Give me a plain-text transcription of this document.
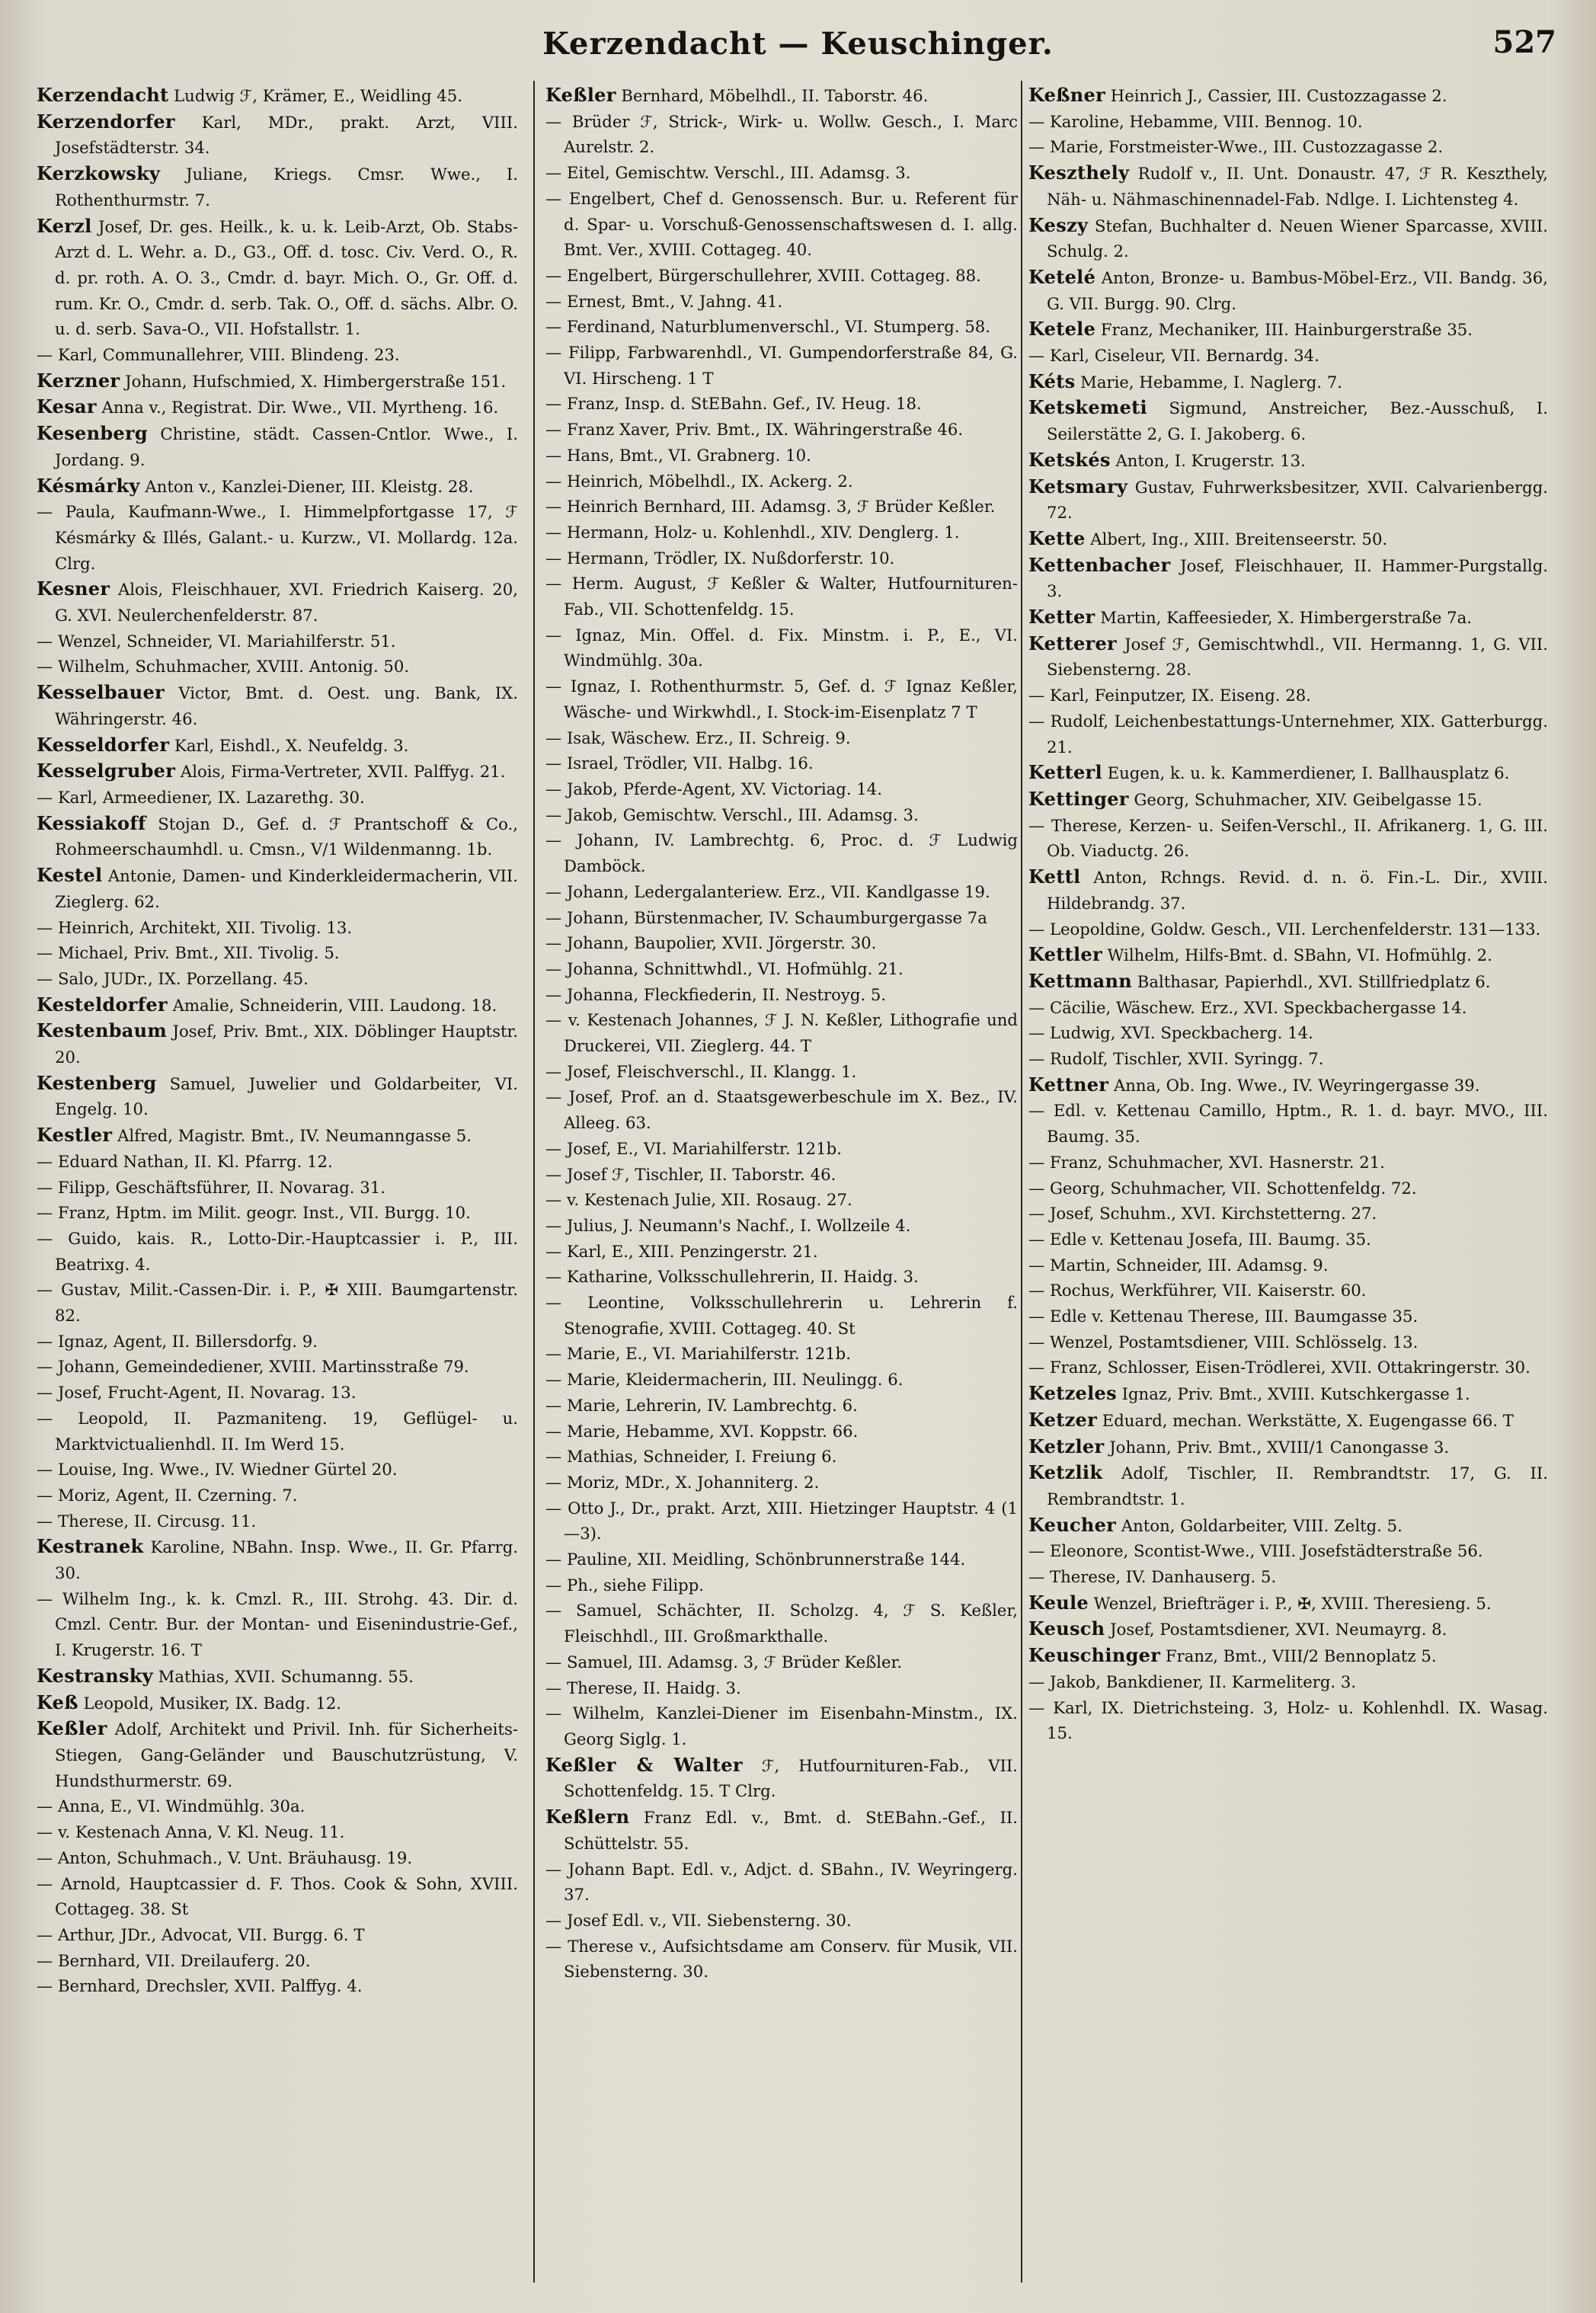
Kerzendacht — Keuschinger.	527

Kerzendacht Ludwig ℱ, Krämer, E., Weidling 45.

Kerzendorfer Karl, MDr., prakt. Arzt, VIII. Josefstädterstr. 34.

Kerzkowsky Juliane, Kriegs. Cmsr. Wwe., I. Rothenthurmstr. 7.

Kerzl Josef, Dr. ges. Heilk., k. u. k. Leib-Arzt, Ob. Stabs-Arzt d. L. Wehr. a. D., G3., Off. d. tosc. Civ. Verd. O., R. d. pr. roth. A. O. 3., Cmdr. d. bayr. Mich. O., Gr. Off. d. rum. Kr. O., Cmdr. d. serb. Tak. O., Off. d. sächs. Albr. O. u. d. serb. Sava-O., VII. Hofstallstr. 1.

— Karl, Communallehrer, VIII. Blindeng. 23.

Kerzner Johann, Hufschmied, X. Himbergerstraße 151.

Kesar Anna v., Registrat. Dir. Wwe., VII. Myrtheng. 16.

Kesenberg Christine, städt. Cassen-Cntlor. Wwe., I. Jordang. 9.

Késmárky Anton v., Kanzlei-Diener, III. Kleistg. 28.

— Paula, Kaufmann-Wwe., I. Himmelpfortgasse 17, ℱ Késmárky & Illés, Galant.- u. Kurzw., VI. Mollardg. 12a. Clrg.

Kesner Alois, Fleischhauer, XVI. Friedrich Kaiserg. 20, G. XVI. Neulerchenfelderstr. 87.

— Wenzel, Schneider, VI. Mariahilferstr. 51.

— Wilhelm, Schuhmacher, XVIII. Antonig. 50.

Kesselbauer Victor, Bmt. d. Oest. ung. Bank, IX. Währingerstr. 46.

Kesseldorfer Karl, Eishdl., X. Neufeldg. 3.

Kesselgruber Alois, Firma-Vertreter, XVII. Palffyg. 21.

— Karl, Armeediener, IX. Lazarethg. 30.

Kessiakoff Stojan D., Gef. d. ℱ Prantschoff & Co., Rohmeerschaumhdl. u. Cmsn., V/1 Wildenmanng. 1b.

Kestel Antonie, Damen- und Kinderkleidermacherin, VII. Zieglerg. 62.

— Heinrich, Architekt, XII. Tivolig. 13.

— Michael, Priv. Bmt., XII. Tivolig. 5.

— Salo, JUDr., IX. Porzellang. 45.

Kesteldorfer Amalie, Schneiderin, VIII. Laudong. 18.

Kestenbaum Josef, Priv. Bmt., XIX. Döblinger Hauptstr. 20.

Kestenberg Samuel, Juwelier und Goldarbeiter, VI. Engelg. 10.

Kestler Alfred, Magistr. Bmt., IV. Neumanngasse 5.

— Eduard Nathan, II. Kl. Pfarrg. 12.

— Filipp, Geschäftsführer, II. Novarag. 31.

— Franz, Hptm. im Milit. geogr. Inst., VII. Burgg. 10.

— Guido, kais. R., Lotto-Dir.-Hauptcassier i. P., III. Beatrixg. 4.

— Gustav, Milit.-Cassen-Dir. i. P., ✠ XIII. Baumgartenstr. 82.

— Ignaz, Agent, II. Billersdorfg. 9.

— Johann, Gemeindediener, XVIII. Martinsstraße 79.

— Josef, Frucht-Agent, II. Novarag. 13.

— Leopold, II. Pazmaniteng. 19, Geflügel- u. Marktvictualienhdl. II. Im Werd 15.

— Louise, Ing. Wwe., IV. Wiedner Gürtel 20.

— Moriz, Agent, II. Czerning. 7.

— Therese, II. Circusg. 11.

Kestranek Karoline, NBahn. Insp. Wwe., II. Gr. Pfarrg. 30.

— Wilhelm Ing., k. k. Cmzl. R., III. Strohg. 43. Dir. d. Cmzl. Centr. Bur. der Montan- und Eisenindustrie-Gef., I. Krugerstr. 16. T

Kestransky Mathias, XVII. Schumanng. 55.

Keß Leopold, Musiker, IX. Badg. 12.

Keßler Adolf, Architekt und Privil. Inh. für Sicherheits-Stiegen, Gang-Geländer und Bauschutzrüstung, V. Hundsthurmerstr. 69.

— Anna, E., VI. Windmühlg. 30a.

— v. Kestenach Anna, V. Kl. Neug. 11.

— Anton, Schuhmach., V. Unt. Bräuhausg. 19.

— Arnold, Hauptcassier d. F. Thos. Cook & Sohn, XVIII. Cottageg. 38. St

— Arthur, JDr., Advocat, VII. Burgg. 6. T

— Bernhard, VII. Dreilauferg. 20.

— Bernhard, Drechsler, XVII. Palffyg. 4.

Keßler Bernhard, Möbelhdl., II. Taborstr. 46.

— Brüder ℱ, Strick-, Wirk- u. Wollw. Gesch., I. Marc Aurelstr. 2.

— Eitel, Gemischtw. Verschl., III. Adamsg. 3.

— Engelbert, Chef d. Genossensch. Bur. u. Referent für d. Spar- u. Vorschuß-Genossenschaftswesen d. I. allg. Bmt. Ver., XVIII. Cottageg. 40.

— Engelbert, Bürgerschullehrer, XVIII. Cottageg. 88.

— Ernest, Bmt., V. Jahng. 41.

— Ferdinand, Naturblumenverschl., VI. Stumperg. 58.

— Filipp, Farbwarenhdl., VI. Gumpendorferstraße 84, G. VI. Hirscheng. 1 T

— Franz, Insp. d. StEBahn. Gef., IV. Heug. 18.

— Franz Xaver, Priv. Bmt., IX. Währingerstraße 46.

— Hans, Bmt., VI. Grabnerg. 10.

— Heinrich, Möbelhdl., IX. Ackerg. 2.

— Heinrich Bernhard, III. Adamsg. 3, ℱ Brüder Keßler.

— Hermann, Holz- u. Kohlenhdl., XIV. Denglerg. 1.

— Hermann, Trödler, IX. Nußdorferstr. 10.

— Herm. August, ℱ Keßler & Walter, Hutfournituren-Fab., VII. Schottenfeldg. 15.

— Ignaz, Min. Offel. d. Fix. Minstm. i. P., E., VI. Windmühlg. 30a.

— Ignaz, I. Rothenthurmstr. 5, Gef. d. ℱ Ignaz Keßler, Wäsche- und Wirkwhdl., I. Stock-im-Eisenplatz 7 T

— Isak, Wäschew. Erz., II. Schreig. 9.

— Israel, Trödler, VII. Halbg. 16.

— Jakob, Pferde-Agent, XV. Victoriag. 14.

— Jakob, Gemischtw. Verschl., III. Adamsg. 3.

— Johann, IV. Lambrechtg. 6, Proc. d. ℱ Ludwig Damböck.

— Johann, Ledergalanteriew. Erz., VII. Kandlgasse 19.

— Johann, Bürstenmacher, IV. Schaumburgergasse 7a

— Johann, Baupolier, XVII. Jörgerstr. 30.

— Johanna, Schnittwhdl., VI. Hofmühlg. 21.

— Johanna, Fleckfiederin, II. Nestroyg. 5.

— v. Kestenach Johannes, ℱ J. N. Keßler, Lithografie und Druckerei, VII. Zieglerg. 44. T

— Josef, Fleischverschl., II. Klangg. 1.

— Josef, Prof. an d. Staatsgewerbeschule im X. Bez., IV. Alleeg. 63.

— Josef, E., VI. Mariahilferstr. 121b.

— Josef ℱ, Tischler, II. Taborstr. 46.

— v. Kestenach Julie, XII. Rosaug. 27.

— Julius, J. Neumann's Nachf., I. Wollzeile 4.

— Karl, E., XIII. Penzingerstr. 21.

— Katharine, Volksschullehrerin, II. Haidg. 3.

— Leontine, Volksschullehrerin u. Lehrerin f. Stenografie, XVIII. Cottageg. 40. St

— Marie, E., VI. Mariahilferstr. 121b.

— Marie, Kleidermacherin, III. Neulingg. 6.

— Marie, Lehrerin, IV. Lambrechtg. 6.

— Marie, Hebamme, XVI. Koppstr. 66.

— Mathias, Schneider, I. Freiung 6.

— Moriz, MDr., X. Johanniterg. 2.

— Otto J., Dr., prakt. Arzt, XIII. Hietzinger Hauptstr. 4 (1—3).

— Pauline, XII. Meidling, Schönbrunnerstraße 144.

— Ph., siehe Filipp.

— Samuel, Schächter, II. Scholzg. 4, ℱ S. Keßler, Fleischhdl., III. Großmarkthalle.

— Samuel, III. Adamsg. 3, ℱ Brüder Keßler.

— Therese, II. Haidg. 3.

— Wilhelm, Kanzlei-Diener im Eisenbahn-Minstm., IX. Georg Siglg. 1.

Keßler & Walter ℱ, Hutfournituren-Fab., VII. Schottenfeldg. 15. T Clrg.

Keßlern Franz Edl. v., Bmt. d. StEBahn.-Gef., II. Schüttelstr. 55.

— Johann Bapt. Edl. v., Adjct. d. SBahn., IV. Weyringerg. 37.

— Josef Edl. v., VII. Siebensterng. 30.

— Therese v., Aufsichtsdame am Conserv. für Musik, VII. Siebensterng. 30.

Keßner Heinrich J., Cassier, III. Custozzagasse 2.

— Karoline, Hebamme, VIII. Bennog. 10.

— Marie, Forstmeister-Wwe., III. Custozzagasse 2.

Keszthely Rudolf v., II. Unt. Donaustr. 47, ℱ R. Keszthely, Näh- u. Nähmaschinennadel-Fab. Ndlge. I. Lichtensteg 4.

Keszy Stefan, Buchhalter d. Neuen Wiener Sparcasse, XVIII. Schulg. 2.

Ketelé Anton, Bronze- u. Bambus-Möbel-Erz., VII. Bandg. 36, G. VII. Burgg. 90. Clrg.

Ketele Franz, Mechaniker, III. Hainburgerstraße 35.

— Karl, Ciseleur, VII. Bernardg. 34.

Kéts Marie, Hebamme, I. Naglerg. 7.

Ketskemeti Sigmund, Anstreicher, Bez.-Ausschuß, I. Seilerstätte 2, G. I. Jakoberg. 6.

Ketskés Anton, I. Krugerstr. 13.

Ketsmary Gustav, Fuhrwerksbesitzer, XVII. Calvarienbergg. 72.

Kette Albert, Ing., XIII. Breitenseerstr. 50.

Kettenbacher Josef, Fleischhauer, II. Hammer-Purgstallg. 3.

Ketter Martin, Kaffeesieder, X. Himbergerstraße 7a.

Ketterer Josef ℱ, Gemischtwhdl., VII. Hermanng. 1, G. VII. Siebensterng. 28.

— Karl, Feinputzer, IX. Eiseng. 28.

— Rudolf, Leichenbestattungs-Unternehmer, XIX. Gatterburgg. 21.

Ketterl Eugen, k. u. k. Kammerdiener, I. Ballhausplatz 6.

Kettinger Georg, Schuhmacher, XIV. Geibelgasse 15.

— Therese, Kerzen- u. Seifen-Verschl., II. Afrikanerg. 1, G. III. Ob. Viaductg. 26.

Kettl Anton, Rchngs. Revid. d. n. ö. Fin.-L. Dir., XVIII. Hildebrandg. 37.

— Leopoldine, Goldw. Gesch., VII. Lerchenfelderstr. 131—133.

Kettler Wilhelm, Hilfs-Bmt. d. SBahn, VI. Hofmühlg. 2.

Kettmann Balthasar, Papierhdl., XVI. Stillfriedplatz 6.

— Cäcilie, Wäschew. Erz., XVI. Speckbachergasse 14.

— Ludwig, XVI. Speckbacherg. 14.

— Rudolf, Tischler, XVII. Syringg. 7.

Kettner Anna, Ob. Ing. Wwe., IV. Weyringergasse 39.

— Edl. v. Kettenau Camillo, Hptm., R. 1. d. bayr. MVO., III. Baumg. 35.

— Franz, Schuhmacher, XVI. Hasnerstr. 21.

— Georg, Schuhmacher, VII. Schottenfeldg. 72.

— Josef, Schuhm., XVI. Kirchstetterng. 27.

— Edle v. Kettenau Josefa, III. Baumg. 35.

— Martin, Schneider, III. Adamsg. 9.

— Rochus, Werkführer, VII. Kaiserstr. 60.

— Edle v. Kettenau Therese, III. Baumgasse 35.

— Wenzel, Postamtsdiener, VIII. Schlösselg. 13.

— Franz, Schlosser, Eisen-Trödlerei, XVII. Ottakringerstr. 30.

Ketzeles Ignaz, Priv. Bmt., XVIII. Kutschkergasse 1.

Ketzer Eduard, mechan. Werkstätte, X. Eugengasse 66. T

Ketzler Johann, Priv. Bmt., XVIII/1 Canongasse 3.

Ketzlik Adolf, Tischler, II. Rembrandtstr. 17, G. II. Rembrandtstr. 1.

Keucher Anton, Goldarbeiter, VIII. Zeltg. 5.

— Eleonore, Scontist-Wwe., VIII. Josefstädterstraße 56.

— Therese, IV. Danhauserg. 5.

Keule Wenzel, Briefträger i. P., ✠, XVIII. Theresieng. 5.

Keusch Josef, Postamtsdiener, XVI. Neumayrg. 8.

Keuschinger Franz, Bmt., VIII/2 Bennoplatz 5.

— Jakob, Bankdiener, II. Karmeliterg. 3.

— Karl, IX. Dietrichsteing. 3, Holz- u. Kohlenhdl. IX. Wasag. 15.
